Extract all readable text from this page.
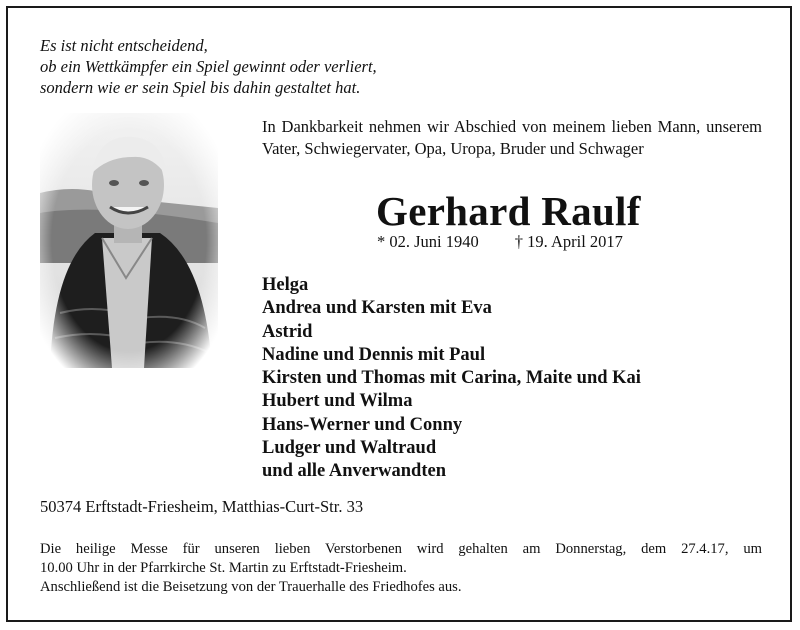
Es ist nicht entscheidend,
ob ein Wettkämpfer ein Spiel gewinnt oder verliert,
sondern wie er sein Spiel bis dahin gestaltet hat.
In Dankbarkeit nehmen wir Abschied von meinem lieben Mann, unserem Vater, Schwiegervater, Opa, Uropa, Bruder und Schwager
Gerhard Raulf
* 02. Juni 1940 † 19. April 2017
Helga
Andrea und Karsten mit Eva
Astrid
Nadine und Dennis mit Paul
Kirsten und Thomas mit Carina, Maite und Kai
Hubert und Wilma
Hans-Werner und Conny
Ludger und Waltraud
und alle Anverwandten
50374 Erftstadt-Friesheim, Matthias-Curt-Str. 33
Die heilige Messe für unseren lieben Verstorbenen wird gehalten am Donnerstag, dem 27.4.17, um
10.00 Uhr in der Pfarrkirche St. Martin zu Erftstadt-Friesheim.
Anschließend ist die Beisetzung von der Trauerhalle des Friedhofes aus.
